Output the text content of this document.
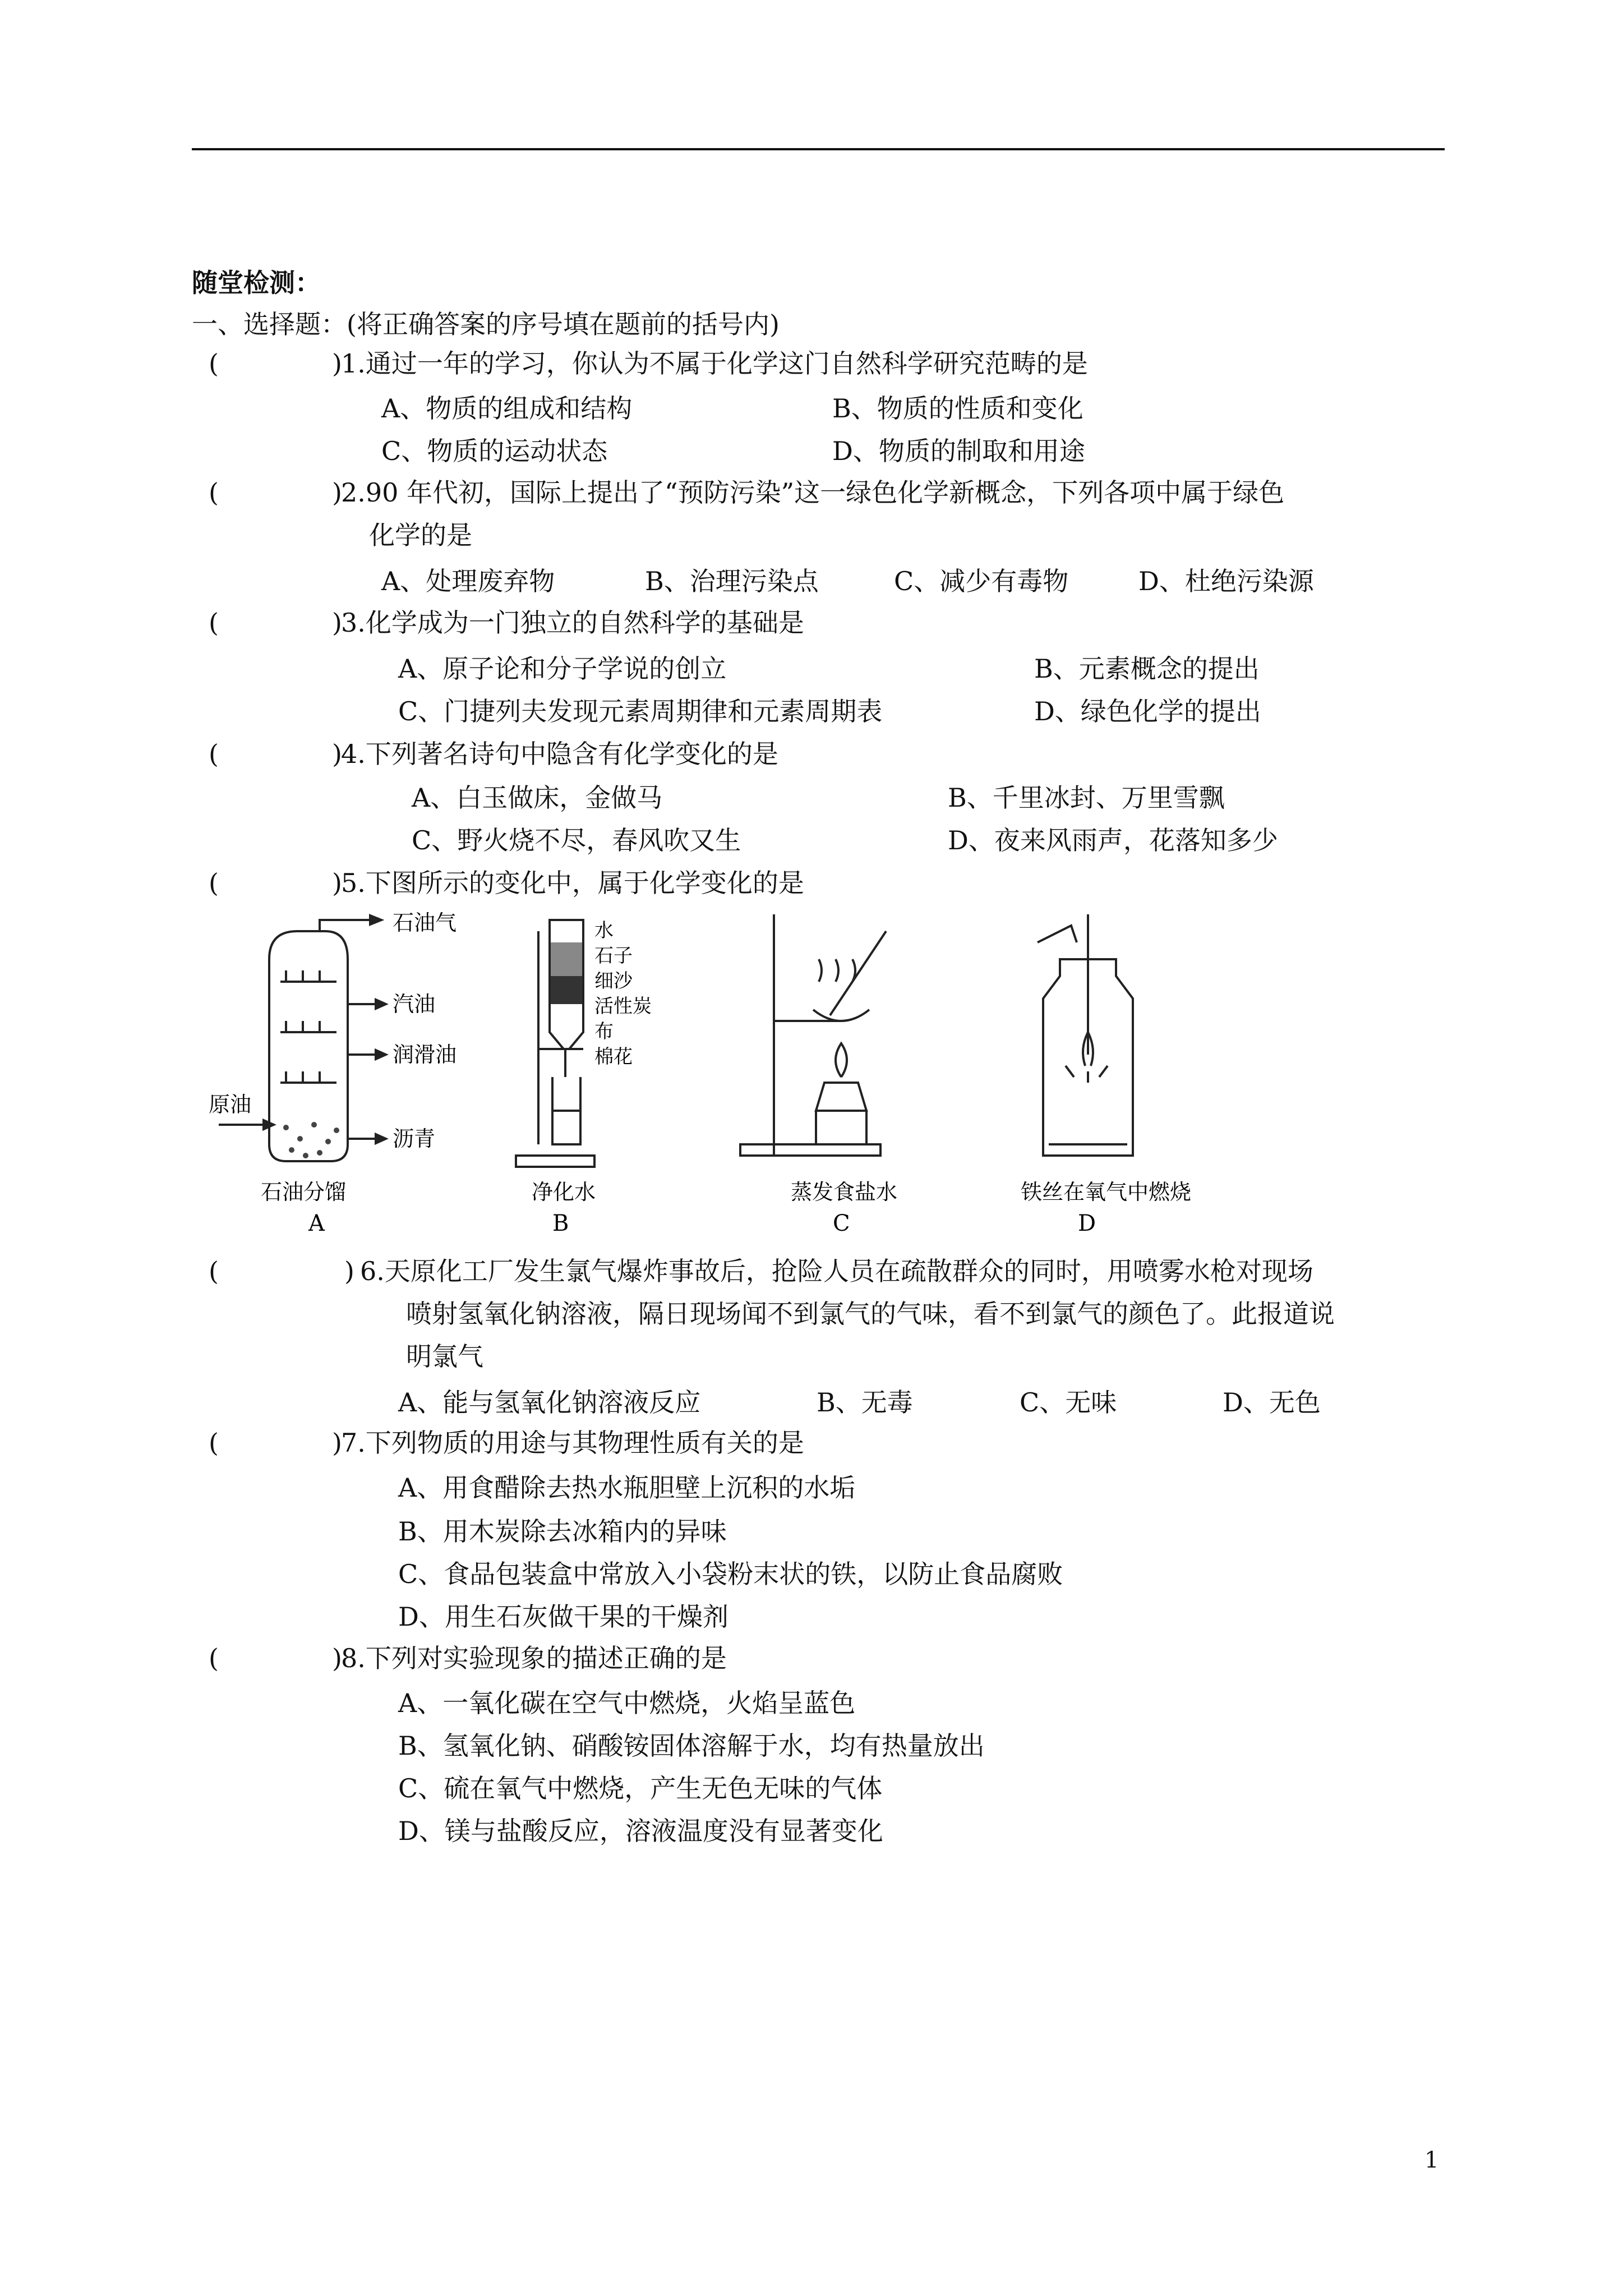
随堂检测：
一、选择题：(将正确答案的序号填在题前的括号内)
(	)
1.通过一年的学习，你认为不属于化学这门自然科学研究范畴的是
A、物质的组成和结构	B、物质的性质和变化
C、物质的运动状态	D、物质的制取和用途
(	)
2.90 年代初，国际上提出了“预防污染”这一绿色化学新概念，下列各项中属于绿色
化学的是
A、处理废弃物	B、治理污染点	C、减少有毒物	D、杜绝污染源
(	)
3.化学成为一门独立的自然科学的基础是
A、原子论和分子学说的创立	B、元素概念的提出
C、门捷列夫发现元素周期律和元素周期表	D、绿色化学的提出
(	)
4.下列著名诗句中隐含有化学变化的是
A、白玉做床，金做马	B、千里冰封、万里雪飘
C、野火烧不尽，春风吹又生	D、夜来风雨声，花落知多少
(	)
5.下图所示的变化中，属于化学变化的是
石油气
汽油
润滑油
沥青
原油
石油分馏
A
水
石子
细沙
活性炭
布
棉花
净化水
B
蒸发食盐水
C
铁丝在氧气中燃烧
D
(	) 6.天原化工厂发生氯气爆炸事故后，抢险人员在疏散群众的同时，用喷雾水枪对现场
喷射氢氧化钠溶液，隔日现场闻不到氯气的气味，看不到氯气的颜色了。此报道说
明氯气
A、能与氢氧化钠溶液反应	B、无毒	C、无味	D、无色
(	)
7.下列物质的用途与其物理性质有关的是
A、用食醋除去热水瓶胆壁上沉积的水垢
B、用木炭除去冰箱内的异味
C、食品包装盒中常放入小袋粉末状的铁，以防止食品腐败
D、用生石灰做干果的干燥剂
(	)
8.下列对实验现象的描述正确的是
A、一氧化碳在空气中燃烧，火焰呈蓝色
B、氢氧化钠、硝酸铵固体溶解于水，均有热量放出
C、硫在氧气中燃烧，产生无色无味的气体
D、镁与盐酸反应，溶液温度没有显著变化
1
